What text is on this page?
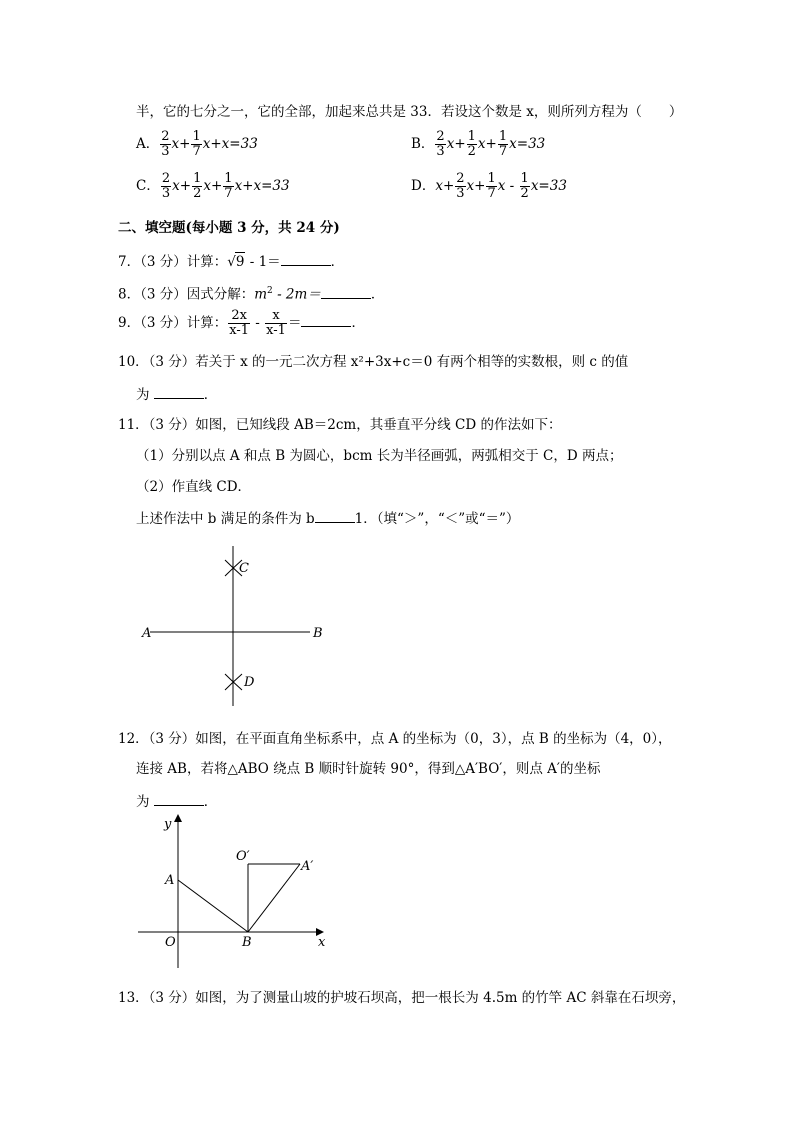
半，它的七分之一，它的全部，加起来总共是 33．若设这个数是 x，则所列方程为（　　）
A． $\frac{2}{3} x+ \frac{1}{7} x+x=33$	B． $\frac{2}{3} x+ \frac{1}{2} x+ \frac{1}{7} x=33$
C． $\frac{2}{3} x+ \frac{1}{2} x+ \frac{1}{7} x+x=33$	D．$x+ \frac{2}{3} x+ \frac{1}{7}$ $x - \frac{1}{2} x=33$
二、填空题(每小题 3 分，共 24 分)
7．（3 分）计算：√9 - 1＝	．
8．（3 分）因式分解：$m^2 - 2m=$	．
9．（3 分）计算： $\frac{2x}{x-1} - \frac{x}{x-1}$ ＝	．
10．（3 分）若关于 x 的一元二次方程 x²+3x+c＝0 有两个相等的实数根，则 c 的值
为	．
11．（3 分）如图，已知线段 AB＝2cm，其垂直平分线 CD 的作法如下：
（1）分别以点 A 和点 B 为圆心，bcm 长为半径画弧，两弧相交于 C，D 两点；
（2）作直线 CD．
上述作法中 b 满足的条件为 b	1．（填“＞”，“＜”或“＝”）
A	B
C
D
12．（3 分）如图，在平面直角坐标系中，点 A 的坐标为（0，3），点 B 的坐标为（4，0），
连接 AB，若将△ABO 绕点 B 顺时针旋转 90°，得到△A′BO′，则点 A′的坐标
为	．
y
x
O
A
B
O′
A′
13．（3 分）如图，为了测量山坡的护坡石坝高，把一根长为 4.5m 的竹竿 AC 斜靠在石坝旁，
